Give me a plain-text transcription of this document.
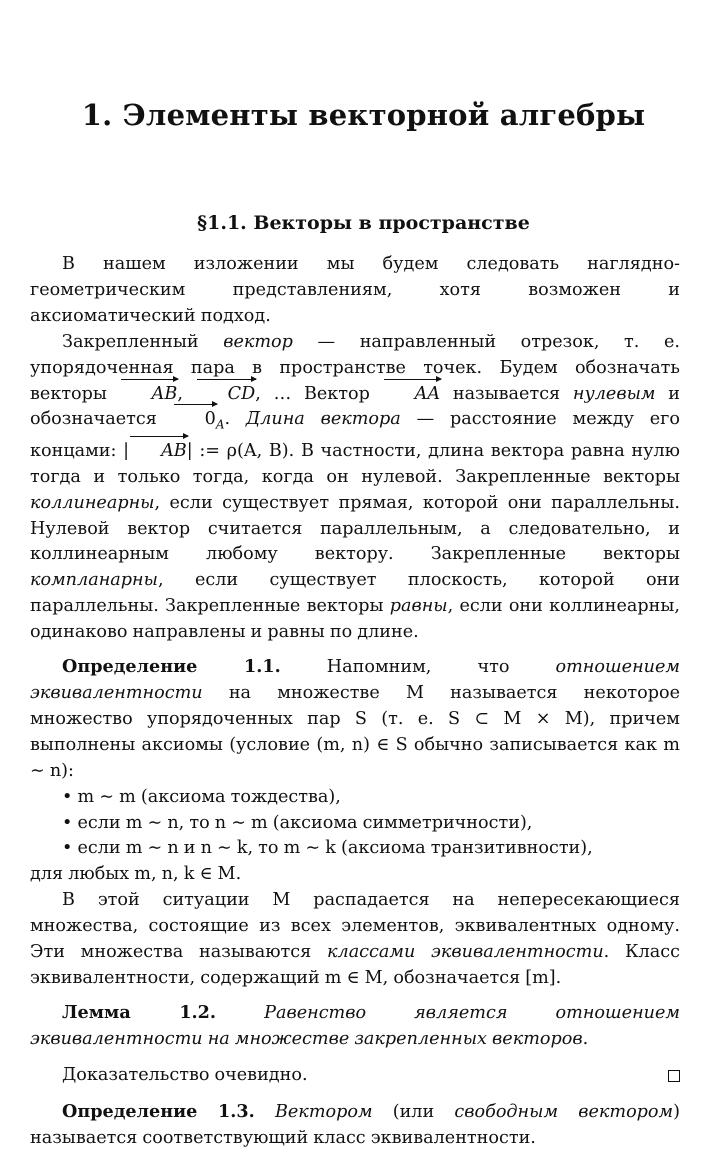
1. Элементы векторной алгебры
§1.1. Векторы в пространстве

В нашем изложении мы будем следовать наглядно-геометрическим представлениям, хотя возможен и аксиоматический подход.

Закрепленный вектор — направленный отрезок, т. е. упорядоченная пара в пространстве точек. Будем обозначать векторы AB, CD, … Вектор AA называется нулевым и обозначается $0_A$. Длина вектора — расстояние между его концами: | AB| := ρ(A, B). В частности, длина вектора равна нулю тогда и только тогда, когда он нулевой. Закрепленные векторы коллинеарны, если существует прямая, которой они параллельны. Нулевой вектор считается параллельным, а следовательно, и коллинеарным любому вектору. Закрепленные векторы компланарны, если существует плоскость, которой они параллельны. Закрепленные векторы равны, если они коллинеарны, одинаково направлены и равны по длине.

Определение 1.1. Напомним, что отношением эквивалентности на множестве M называется некоторое множество упорядоченных пар S (т. е. S ⊂ M × M), причем выполнены аксиомы (условие (m, n) ∈ S обычно записывается как m ∼ n):

• m ∼ m (аксиома тождества),

• если m ∼ n, то n ∼ m (аксиома симметричности),

• если m ∼ n и n ∼ k, то m ∼ k (аксиома транзитивности),

для любых m, n, k ∈ M.

В этой ситуации M распадается на непересекающиеся множества, состоящие из всех элементов, эквивалентных одному. Эти множества называются классами эквивалентности. Класс эквивалентности, содержащий m ∈ M, обозначается [m].

Лемма 1.2. Равенство является отношением эквивалентности на множестве закрепленных векторов.

Доказательство очевидно.

Определение 1.3. Вектором (или свободным вектором) называется соответствующий класс эквивалентности.
